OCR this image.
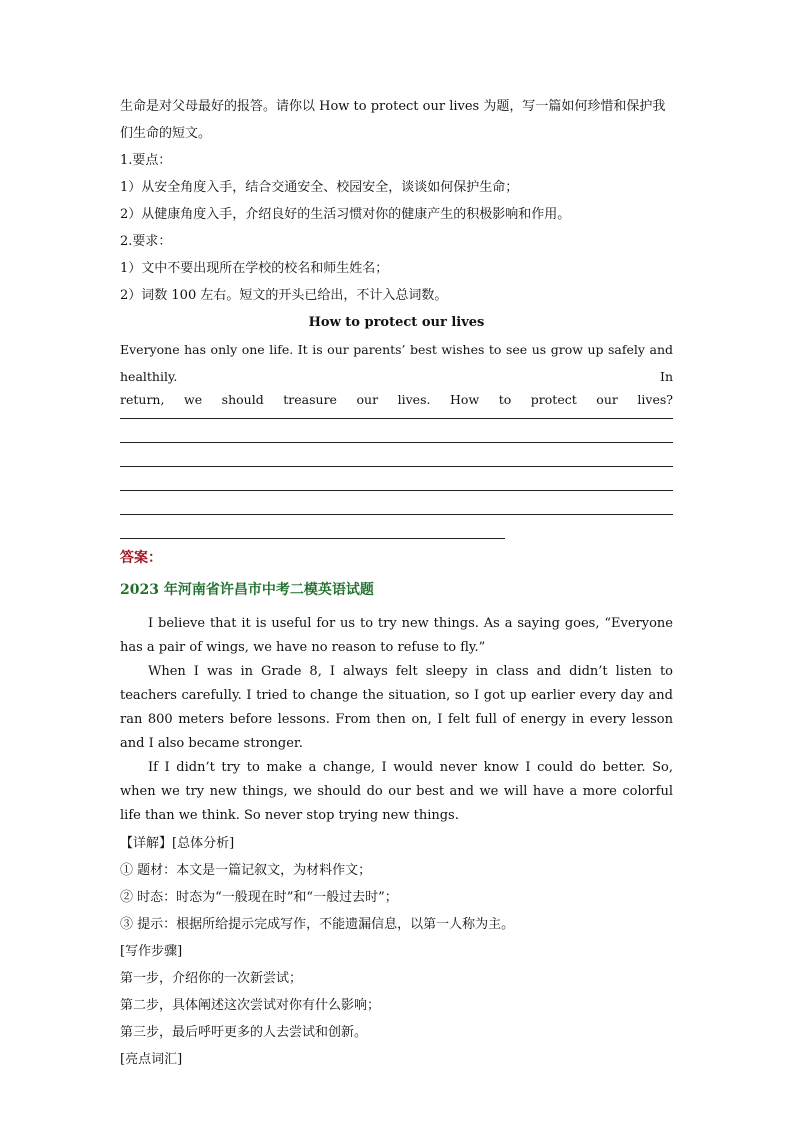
生命是对父母最好的报答。请你以 How to protect our lives 为题，写一篇如何珍惜和保护我
们生命的短文。
1.要点：
1）从安全角度入手，结合交通安全、校园安全，谈谈如何保护生命；
2）从健康角度入手，介绍良好的生活习惯对你的健康产生的积极影响和作用。
2.要求：
1）文中不要出现所在学校的校名和师生姓名；
2）词数 100 左右。短文的开头已给出，不计入总词数。
How to protect our lives
Everyone has only one life. It is our parents’ best wishes to see us grow up safely and healthily. In
return, we should treasure our lives. How to protect our lives?
答案：
2023 年河南省许昌市中考二模英语试题

I believe that it is useful for us to try new things. As a saying goes, “Everyone has a pair of wings, we have no reason to refuse to fly.”

When I was in Grade 8, I always felt sleepy in class and didn’t listen to teachers carefully. I tried to change the situation, so I got up earlier every day and ran 800 meters before lessons. From then on, I felt full of energy in every lesson and I also became stronger.

If I didn’t try to make a change, I would never know I could do better. So, when we try new things, we should do our best and we will have a more colorful life than we think. So never stop trying new things.

【详解】[总体分析]
① 题材：本文是一篇记叙文，为材料作文；
② 时态：时态为“一般现在时”和“一般过去时”；
③ 提示：根据所给提示完成写作，不能遗漏信息，以第一人称为主。
[写作步骤]
第一步，介绍你的一次新尝试；
第二步，具体阐述这次尝试对你有什么影响；
第三步，最后呼吁更多的人去尝试和创新。
[亮点词汇]
